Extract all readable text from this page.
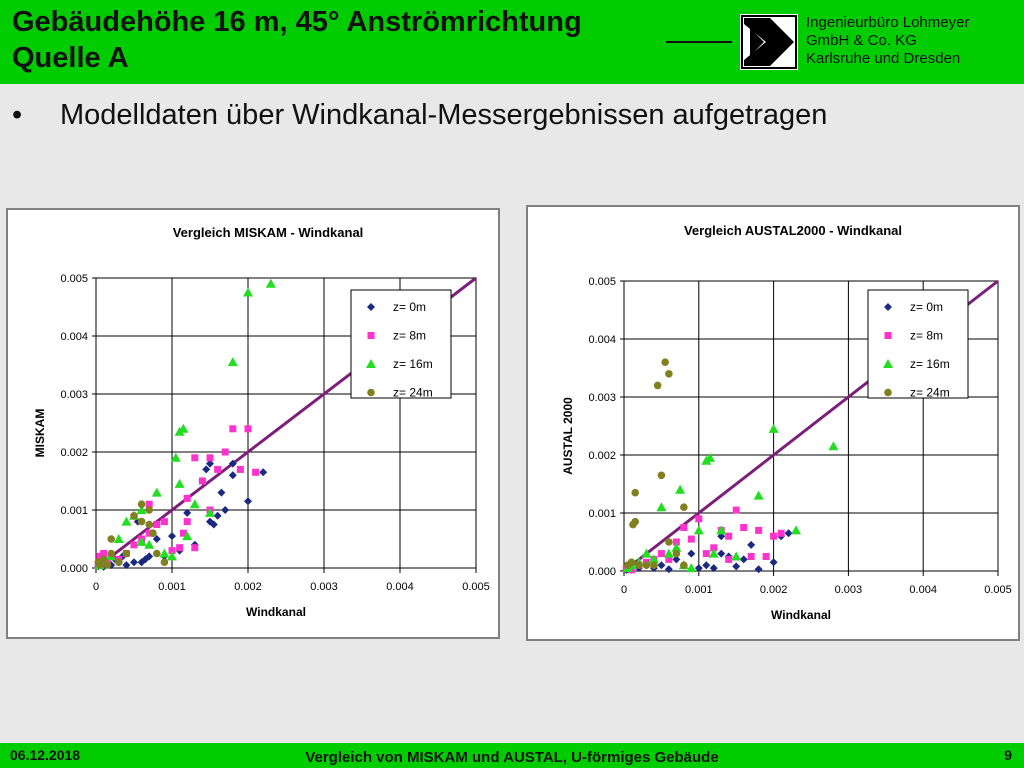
Gebäudehöhe 16 m, 45° Anströmrichtung
Quelle A
Ingenieurbüro Lohmeyer
GmbH & Co. KG
Karlsruhe und Dresden
• Modelldaten über Windkanal-Messergebnissen aufgetragen
Vergleich MISKAM - Windkanal
0	0.001	0.002	0.003	0.004	0.005
0.000
0.001
0.002
0.003
0.004
0.005
Windkanal
MISKAM
z= 0m
z= 8m
z= 16m
z= 24m
Vergleich AUSTAL2000 - Windkanal
0	0.001	0.002	0.003	0.004	0.005
0.000
0.001
0.002
0.003
0.004
0.005
Windkanal
AUSTAL 2000
z= 0m
z= 8m
z= 16m
z= 24m
06.12.2018	Vergleich von MISKAM und AUSTAL, U-förmiges Gebäude	9
